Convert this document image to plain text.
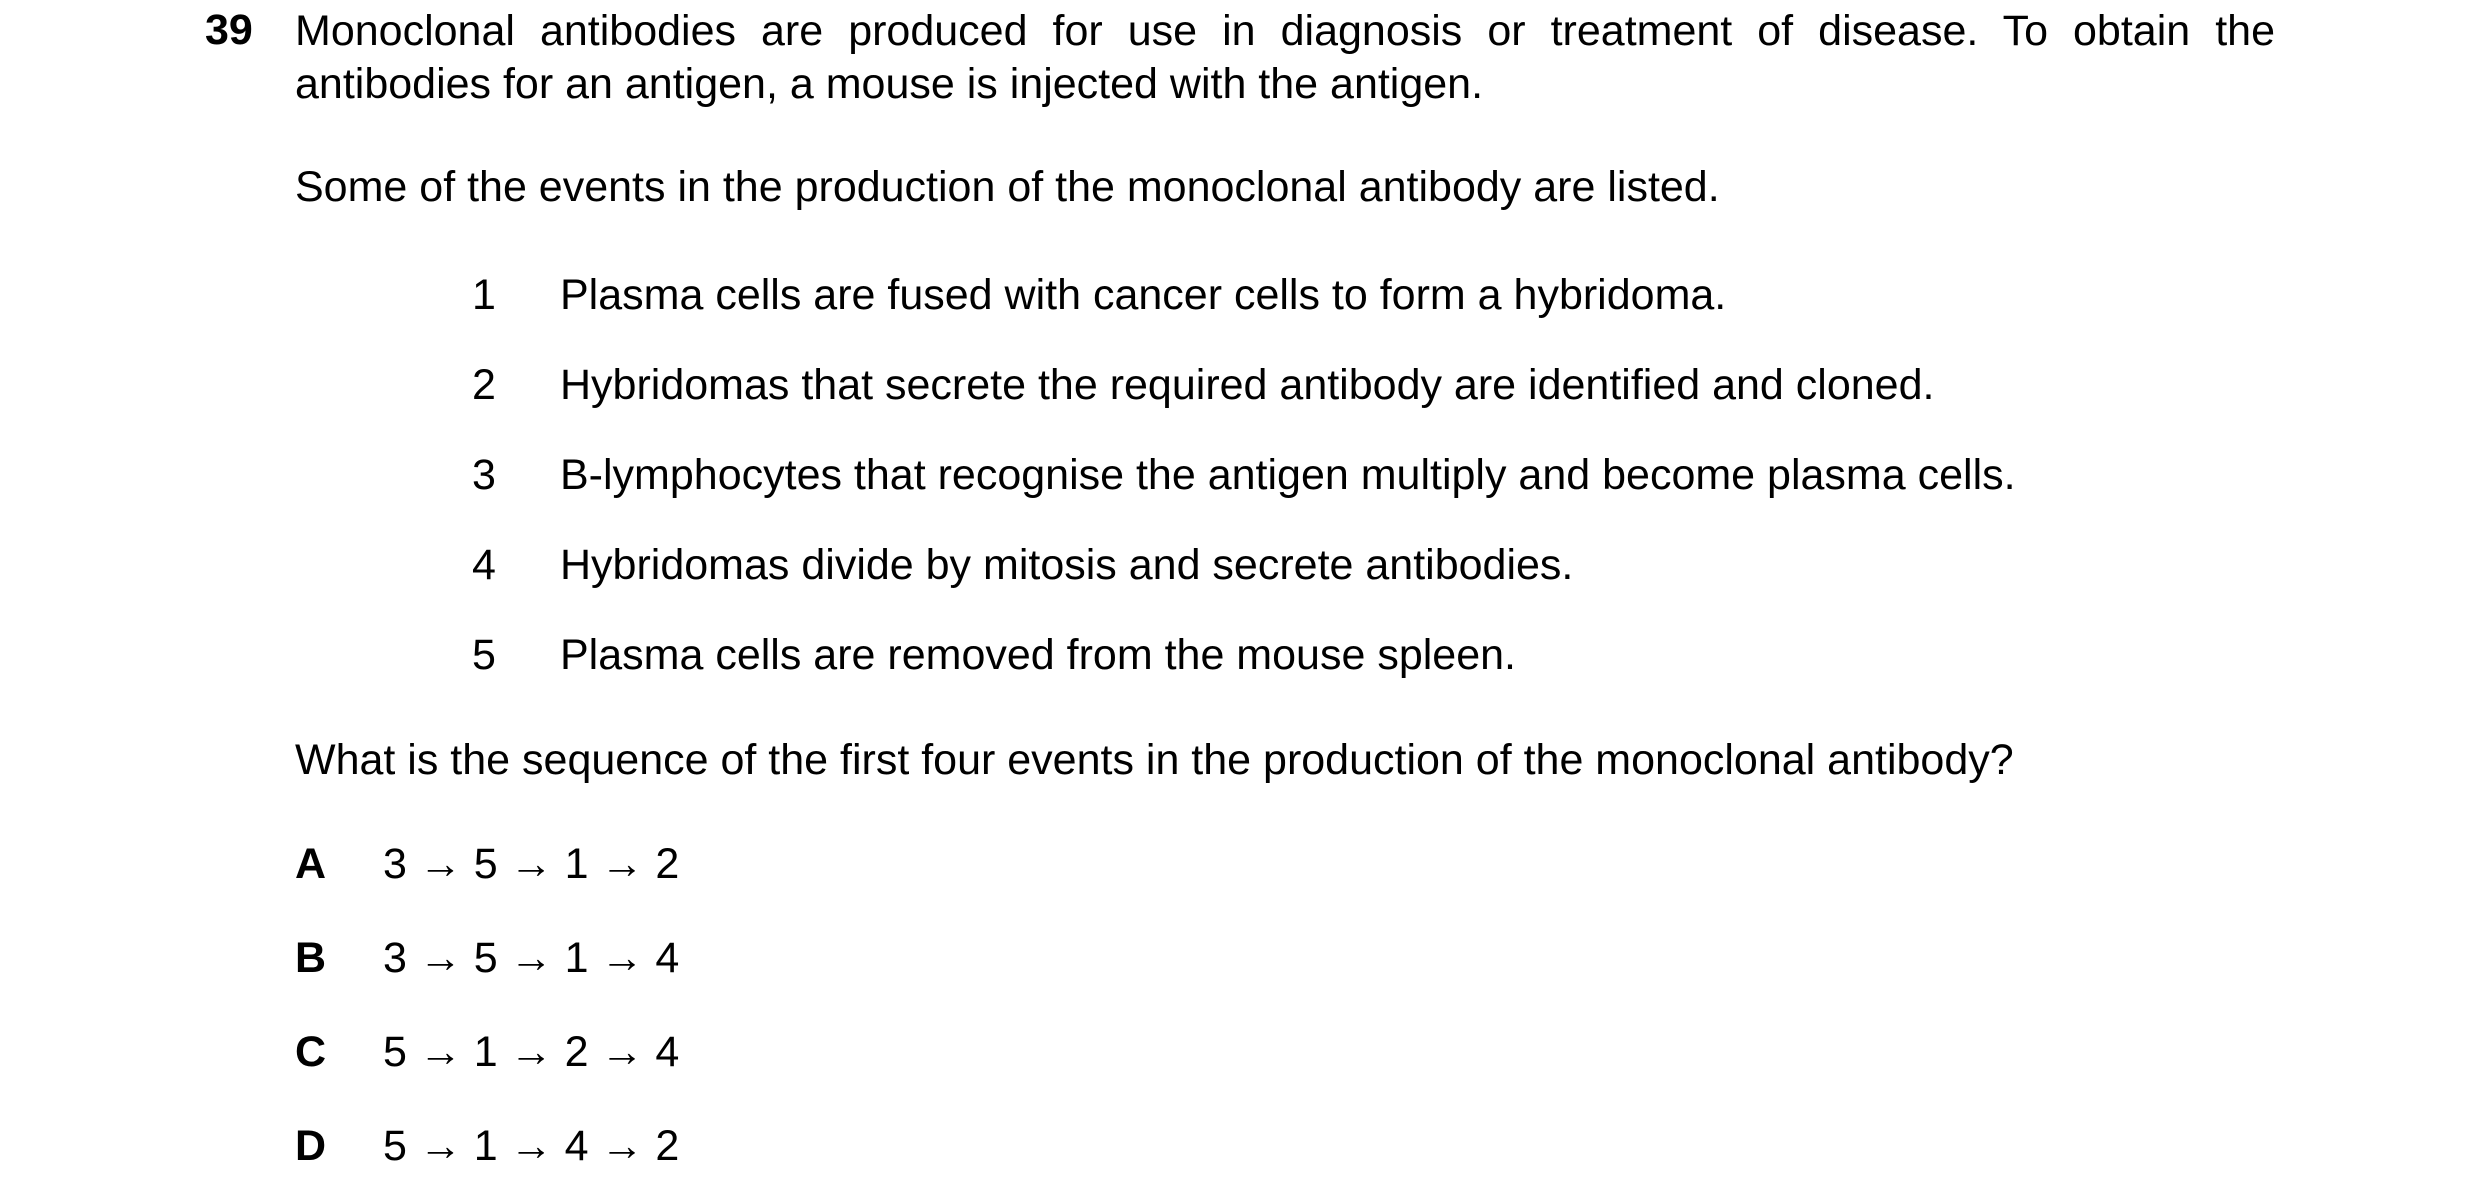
39 Monoclonal antibodies are produced for use in diagnosis or treatment of disease. To obtain the antibodies for an antigen, a mouse is injected with the antigen.
Some of the events in the production of the monoclonal antibody are listed.
1	Plasma cells are fused with cancer cells to form a hybridoma.
2	Hybridomas that secrete the required antibody are identified and cloned.
3	B-lymphocytes that recognise the antigen multiply and become plasma cells.
4	Hybridomas divide by mitosis and secrete antibodies.
5	Plasma cells are removed from the mouse spleen.
What is the sequence of the first four events in the production of the monoclonal antibody?
A 3 → 5 → 1 → 2
B 3 → 5 → 1 → 4
C 5 → 1 → 2 → 4
D 5 → 1 → 4 → 2
